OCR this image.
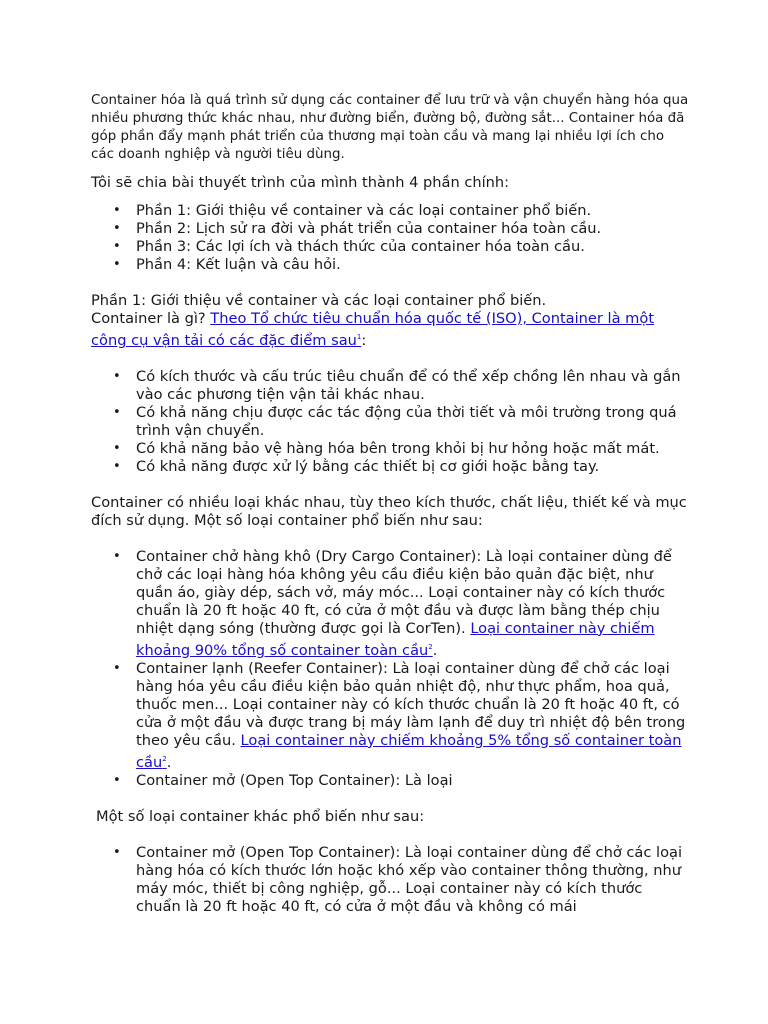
Container hóa là quá trình sử dụng các container để lưu trữ và vận chuyển hàng hóa qua nhiều phương thức khác nhau, như đường biển, đường bộ, đường sắt... Container hóa đã góp phần đẩy mạnh phát triển của thương mại toàn cầu và mang lại nhiều lợi ích cho các doanh nghiệp và người tiêu dùng.

Tôi sẽ chia bài thuyết trình của mình thành 4 phần chính:

• Phần 1: Giới thiệu về container và các loại container phổ biến.
• Phần 2: Lịch sử ra đời và phát triển của container hóa toàn cầu.
• Phần 3: Các lợi ích và thách thức của container hóa toàn cầu.
• Phần 4: Kết luận và câu hỏi.

Phần 1: Giới thiệu về container và các loại container phổ biến.

Container là gì? Theo Tổ chức tiêu chuẩn hóa quốc tế (ISO), Container là một công cụ vận tải có các đặc điểm sau$^1$:

• Có kích thước và cấu trúc tiêu chuẩn để có thể xếp chồng lên nhau và gắn vào các phương tiện vận tải khác nhau.
• Có khả năng chịu được các tác động của thời tiết và môi trường trong quá trình vận chuyển.
• Có khả năng bảo vệ hàng hóa bên trong khỏi bị hư hỏng hoặc mất mát.
• Có khả năng được xử lý bằng các thiết bị cơ giới hoặc bằng tay.

Container có nhiều loại khác nhau, tùy theo kích thước, chất liệu, thiết kế và mục đích sử dụng. Một số loại container phổ biến như sau:

• Container chở hàng khô (Dry Cargo Container): Là loại container dùng để chở các loại hàng hóa không yêu cầu điều kiện bảo quản đặc biệt, như quần áo, giày dép, sách vở, máy móc... Loại container này có kích thước chuẩn là 20 ft hoặc 40 ft, có cửa ở một đầu và được làm bằng thép chịu nhiệt dạng sóng (thường được gọi là CorTen). Loại container này chiếm khoảng 90% tổng số container toàn cầu$^2$.
• Container lạnh (Reefer Container): Là loại container dùng để chở các loại hàng hóa yêu cầu điều kiện bảo quản nhiệt độ, như thực phẩm, hoa quả, thuốc men... Loại container này có kích thước chuẩn là 20 ft hoặc 40 ft, có cửa ở một đầu và được trang bị máy làm lạnh để duy trì nhiệt độ bên trong theo yêu cầu. Loại container này chiếm khoảng 5% tổng số container toàn cầu$^2$.
• Container mở (Open Top Container): Là loại

Một số loại container khác phổ biến như sau:

• Container mở (Open Top Container): Là loại container dùng để chở các loại hàng hóa có kích thước lớn hoặc khó xếp vào container thông thường, như máy móc, thiết bị công nghiệp, gỗ... Loại container này có kích thước chuẩn là 20 ft hoặc 40 ft, có cửa ở một đầu và không có mái
